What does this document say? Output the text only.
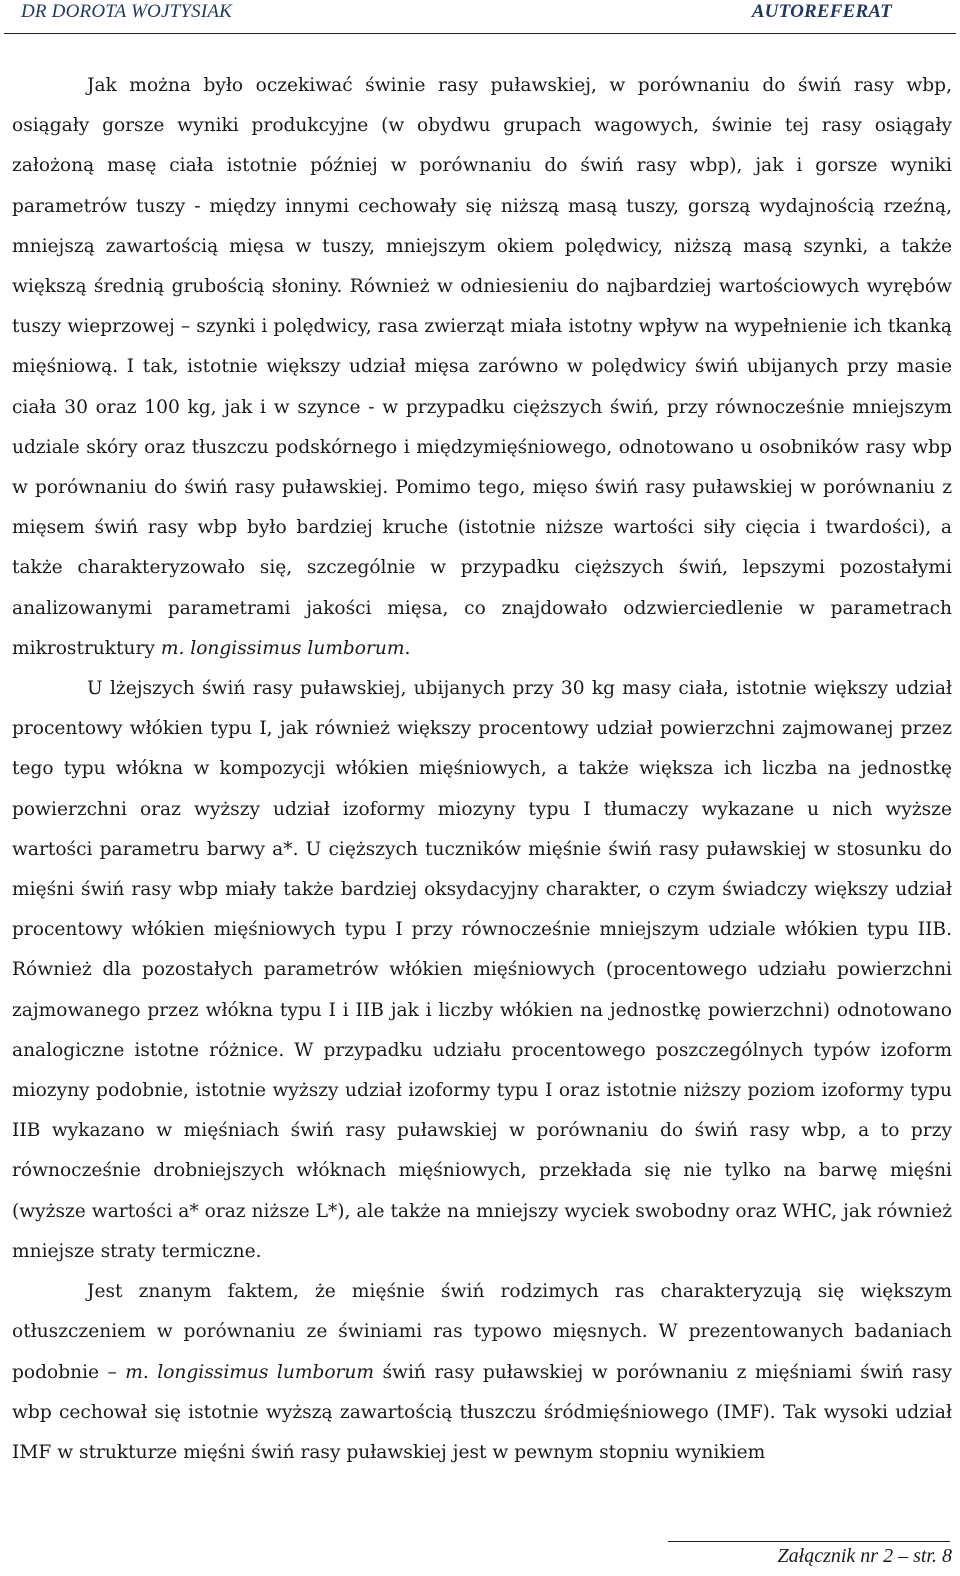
DR DOROTA WOJTYSIAK	AUTOREFERAT

Jak można było oczekiwać świnie rasy puławskiej, w porównaniu do świń rasy wbp, osiągały gorsze wyniki produkcyjne (w obydwu grupach wagowych, świnie tej rasy osiągały założoną masę ciała istotnie później w porównaniu do świń rasy wbp), jak i gorsze wyniki parametrów tuszy - między innymi cechowały się niższą masą tuszy, gorszą wydajnością rzeźną, mniejszą zawartością mięsa w tuszy, mniejszym okiem polędwicy, niższą masą szynki, a także większą średnią grubością słoniny. Również w odniesieniu do najbardziej wartościowych wyrębów tuszy wieprzowej – szynki i polędwicy, rasa zwierząt miała istotny wpływ na wypełnienie ich tkanką mięśniową. I tak, istotnie większy udział mięsa zarówno w polędwicy świń ubijanych przy masie ciała 30 oraz 100 kg, jak i w szynce - w przypadku cięższych świń, przy równocześnie mniejszym udziale skóry oraz tłuszczu podskórnego i międzymięśniowego, odnotowano u osobników rasy wbp w porównaniu do świń rasy puławskiej. Pomimo tego, mięso świń rasy puławskiej w porównaniu z mięsem świń rasy wbp było bardziej kruche (istotnie niższe wartości siły cięcia i twardości), a także charakteryzowało się, szczególnie w przypadku cięższych świń, lepszymi pozostałymi analizowanymi parametrami jakości mięsa, co znajdowało odzwierciedlenie w parametrach mikrostruktury m. longissimus lumborum.

U lżejszych świń rasy puławskiej, ubijanych przy 30 kg masy ciała, istotnie większy udział procentowy włókien typu I, jak również większy procentowy udział powierzchni zajmowanej przez tego typu włókna w kompozycji włókien mięśniowych, a także większa ich liczba na jednostkę powierzchni oraz wyższy udział izoformy miozyny typu I tłumaczy wykazane u nich wyższe wartości parametru barwy a*. U cięższych tuczników mięśnie świń rasy puławskiej w stosunku do mięśni świń rasy wbp miały także bardziej oksydacyjny charakter, o czym świadczy większy udział procentowy włókien mięśniowych typu I przy równocześnie mniejszym udziale włókien typu IIB. Również dla pozostałych parametrów włókien mięśniowych (procentowego udziału powierzchni zajmowanego przez włókna typu I i IIB jak i liczby włókien na jednostkę powierzchni) odnotowano analogiczne istotne różnice. W przypadku udziału procentowego poszczególnych typów izoform miozyny podobnie, istotnie wyższy udział izoformy typu I oraz istotnie niższy poziom izoformy typu IIB wykazano w mięśniach świń rasy puławskiej w porównaniu do świń rasy wbp, a to przy równocześnie drobniejszych włóknach mięśniowych, przekłada się nie tylko na barwę mięśni (wyższe wartości a* oraz niższe L*), ale także na mniejszy wyciek swobodny oraz WHC, jak również mniejsze straty termiczne.

Jest znanym faktem, że mięśnie świń rodzimych ras charakteryzują się większym otłuszczeniem w porównaniu ze świniami ras typowo mięsnych. W prezentowanych badaniach podobnie – m. longissimus lumborum świń rasy puławskiej w porównaniu z mięśniami świń rasy wbp cechował się istotnie wyższą zawartością tłuszczu śródmięśniowego (IMF). Tak wysoki udział IMF w strukturze mięśni świń rasy puławskiej jest w pewnym stopniu wynikiem

Załącznik nr 2 – str. 8
